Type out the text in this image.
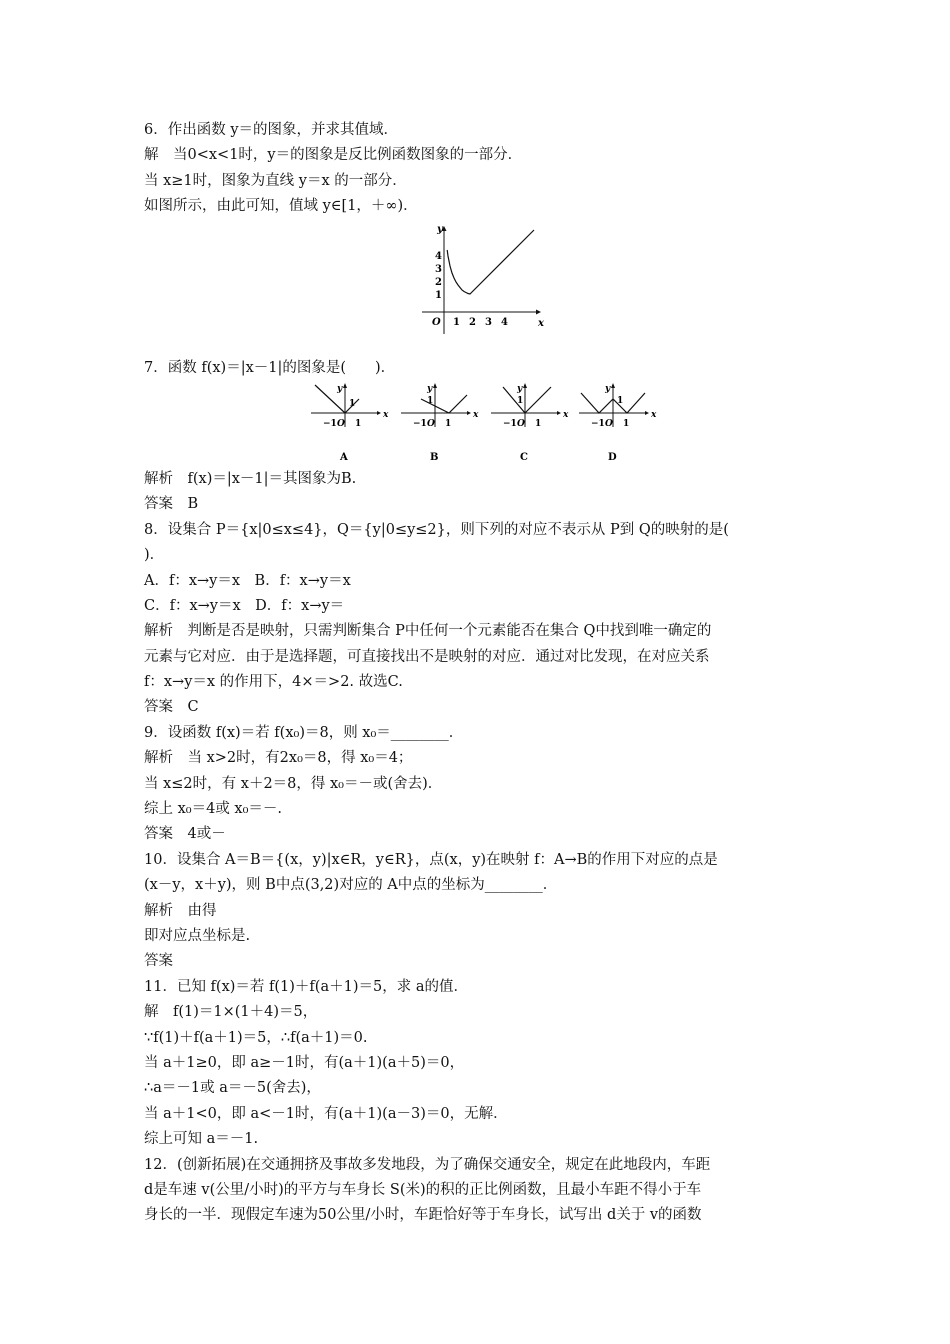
6．作出函数 y＝的图象，并求其值域．
解　当0<x<1时，y＝的图象是反比例函数图象的一部分．
当 x≥1时，图象为直线 y＝x 的一部分．
如图所示，由此可知，值域 y∈[1，＋∞)．
y
x
O
1
2
3
4
1 2 3 4
7．函数 f(x)＝|x－1|的图象是(　　)．
y
x
1
−1 O 1
A
y
x
1
−1 O 1
B
y
x
1
−1 O 1
C
y
x
1
−1 O 1
D
解析　f(x)＝|x－1|＝其图象为B.
答案　B
8．设集合 P＝{x|0≤x≤4}，Q＝{y|0≤y≤2}，则下列的对应不表示从 P到 Q的映射的是(
)．
A．f：x→y＝x　B．f：x→y＝x
C．f：x→y＝x　D．f：x→y＝
解析　判断是否是映射，只需判断集合 P中任何一个元素能否在集合 Q中找到唯一确定的
元素与它对应．由于是选择题，可直接找出不是映射的对应．通过对比发现，在对应关系
f：x→y＝x 的作用下，4×＝>2. 故选C.
答案　C
9．设函数 f(x)＝若 f(x₀)＝8，则 x₀＝________．
解析　当 x>2时，有2x₀＝8，得 x₀＝4；
当 x≤2时，有 x＋2＝8，得 x₀＝－或(舍去)．
综上 x₀＝4或 x₀＝－.
答案　4或－
10．设集合 A＝B＝{(x，y)|x∈R，y∈R}，点(x，y)在映射 f：A→B的作用下对应的点是
(x－y，x＋y)，则 B中点(3,2)对应的 A中点的坐标为________．
解析　由得
即对应点坐标是.
答案
11．已知 f(x)＝若 f(1)＋f(a＋1)＝5，求 a的值．
解　f(1)＝1×(1＋4)＝5，
∵f(1)＋f(a＋1)＝5，∴f(a＋1)＝0.
当 a＋1≥0，即 a≥－1时，有(a＋1)(a＋5)＝0，
∴a＝－1或 a＝－5(舍去)，
当 a＋1<0，即 a<－1时，有(a＋1)(a－3)＝0，无解．
综上可知 a＝－1.
12．(创新拓展)在交通拥挤及事故多发地段，为了确保交通安全，规定在此地段内，车距
d是车速 v(公里/小时)的平方与车身长 S(米)的积的正比例函数，且最小车距不得小于车
身长的一半．现假定车速为50公里/小时，车距恰好等于车身长，试写出 d关于 v的函数
